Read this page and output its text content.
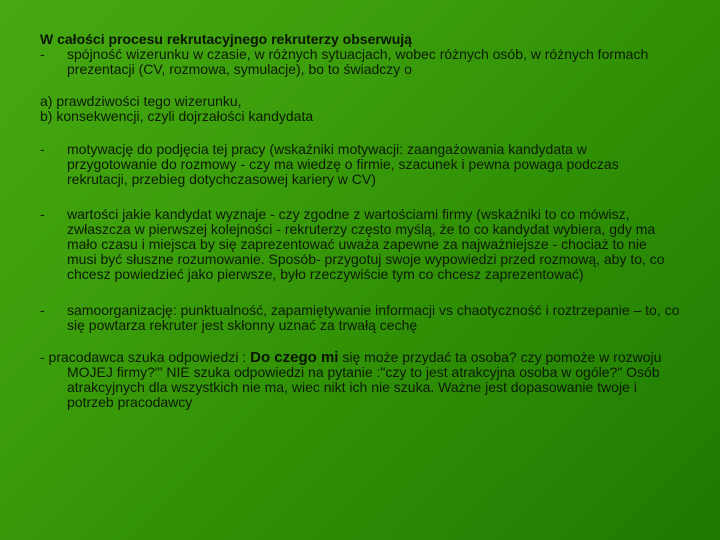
W całości procesu rekrutacyjnego rekruterzy obserwują

-	spójność wizerunku w czasie, w różnych sytuacjach, wobec różnych osób, w różnych formach prezentacji (CV, rozmowa, symulacje), bo to świadczy o

a) prawdziwości tego wizerunku,

b) konsekwencji, czyli dojrzałości kandydata

-	motywację do podjęcia tej pracy (wskaźniki motywacji: zaangażowania kandydata w przygotowanie do rozmowy - czy ma wiedzę o firmie, szacunek i pewna powaga podczas rekrutacji, przebieg dotychczasowej kariery w CV)
-	wartości jakie kandydat wyznaje - czy zgodne z wartościami firmy (wskaźniki to co mówisz, zwłaszcza w pierwszej kolejności - rekruterzy często myślą, że to co kandydat wybiera, gdy ma mało czasu i miejsca by się zaprezentować uważa zapewne za najważniejsze - chociaż to nie musi być słuszne rozumowanie. Sposób- przygotuj swoje wypowiedzi przed rozmową, aby to, co chcesz powiedzieć jako pierwsze, było rzeczywiście tym co chcesz zaprezentować)
-	samoorganizację: punktualność, zapamiętywanie informacji vs chaotyczność i roztrzepanie – to, co się powtarza rekruter jest skłonny uznać za trwałą cechę

- pracodawca szuka odpowiedzi : Do czego mi się może przydać ta osoba? czy pomoże w rozwoju MOJEJ firmy?"' NIE szuka odpowiedzi na pytanie :"czy to jest atrakcyjna osoba w ogóle?" Osób atrakcyjnych dla wszystkich nie ma, wiec nikt ich nie szuka. Ważne jest dopasowanie twoje i potrzeb pracodawcy
